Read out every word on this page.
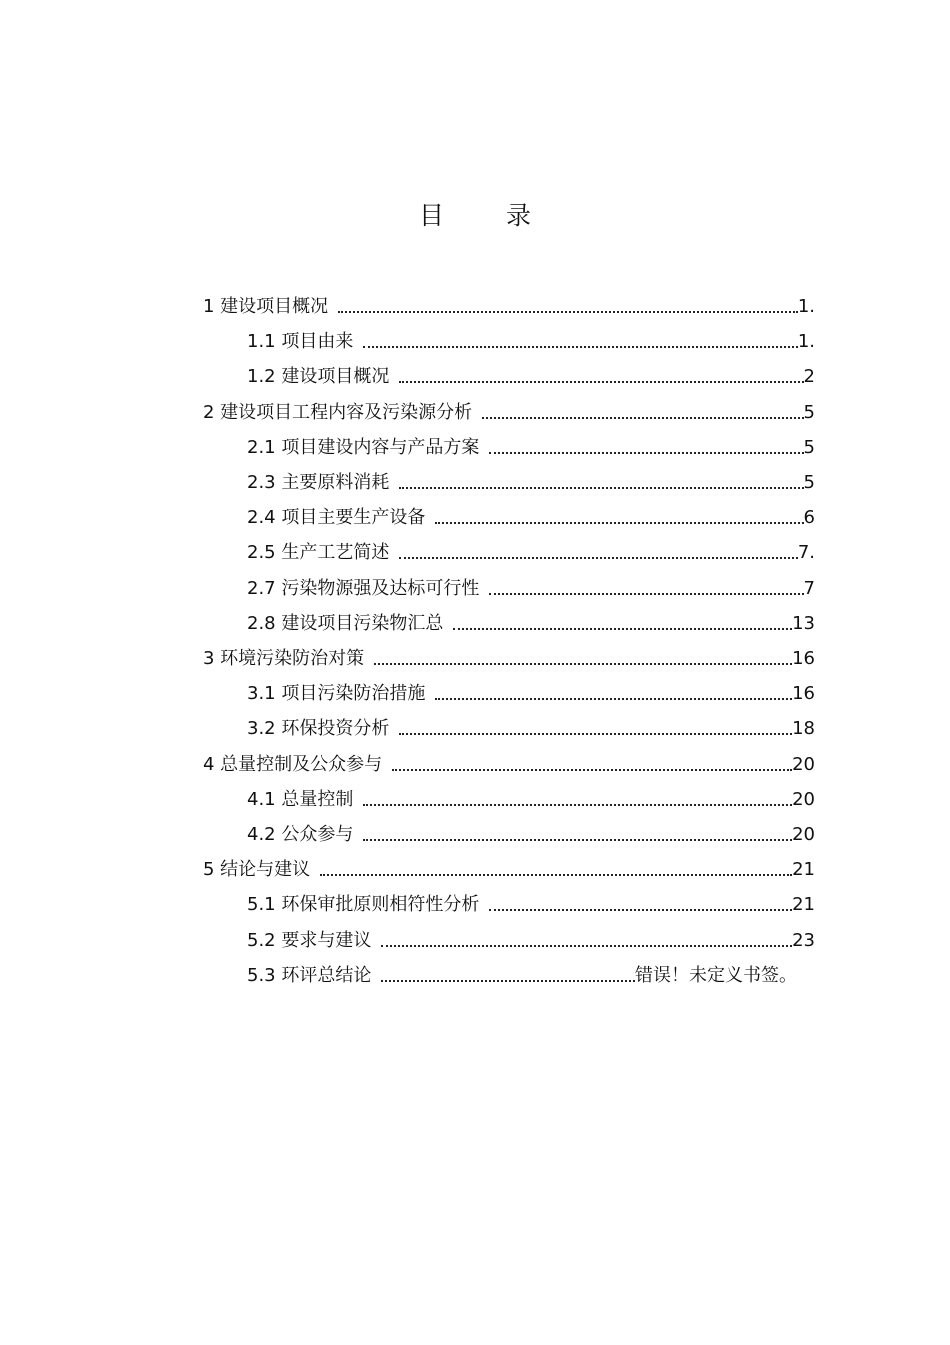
目 录
1 建设项目概况	1.
1.1 项目由来	1.
1.2 建设项目概况	2
2 建设项目工程内容及污染源分析	5
2.1 项目建设内容与产品方案	5
2.3 主要原料消耗	5
2.4 项目主要生产设备	6
2.5 生产工艺简述	7.
2.7 污染物源强及达标可行性	7
2.8 建设项目污染物汇总	13
3 环境污染防治对策	16
3.1 项目污染防治措施	16
3.2 环保投资分析	18
4 总量控制及公众参与	20
4.1 总量控制	20
4.2 公众参与	20
5 结论与建议	21
5.1 环保审批原则相符性分析	21
5.2 要求与建议	23
5.3 环评总结论	错误！未定义书签。
